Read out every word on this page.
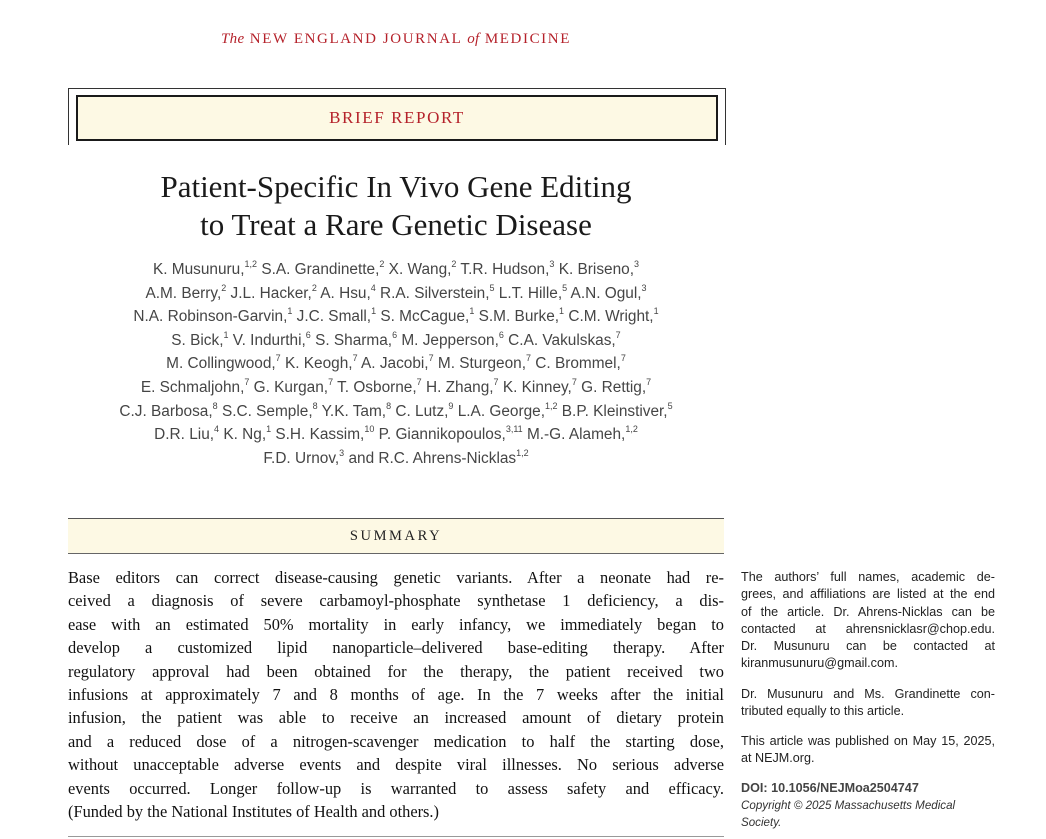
The NEW ENGLAND JOURNAL of MEDICINE
BRIEF REPORT
Patient-Specific In Vivo Gene Editing
to Treat a Rare Genetic Disease
K. Musunuru,$^{1,2}$ S.A. Grandinette,$^2$ X. Wang,$^2$ T.R. Hudson,$^3$ K. Briseno,$^3$
A.M. Berry,$^2$ J.L. Hacker,$^2$ A. Hsu,$^4$ R.A. Silverstein,$^5$ L.T. Hille,$^5$ A.N. Ogul,$^3$
N.A. Robinson-Garvin,$^1$ J.C. Small,$^1$ S. McCague,$^1$ S.M. Burke,$^1$ C.M. Wright,$^1$
S. Bick,$^1$ V. Indurthi,$^6$ S. Sharma,$^6$ M. Jepperson,$^6$ C.A. Vakulskas,$^7$
M. Collingwood,$^7$ K. Keogh,$^7$ A. Jacobi,$^7$ M. Sturgeon,$^7$ C. Brommel,$^7$
E. Schmaljohn,$^7$ G. Kurgan,$^7$ T. Osborne,$^7$ H. Zhang,$^7$ K. Kinney,$^7$ G. Rettig,$^7$
C.J. Barbosa,$^8$ S.C. Semple,$^8$ Y.K. Tam,$^8$ C. Lutz,$^9$ L.A. George,$^{1,2}$ B.P. Kleinstiver,$^5$
D.R. Liu,$^4$ K. Ng,$^1$ S.H. Kassim,$^{10}$ P. Giannikopoulos,$^{3,11}$ M.-G. Alameh,$^{1,2}$
F.D. Urnov,$^3$ and R.C. Ahrens-Nicklas$^{1,2}$
SUMMARY
Base editors can correct disease-causing genetic variants. After a neonate had re-
ceived a diagnosis of severe carbamoyl-phosphate synthetase 1 deficiency, a dis-
ease with an estimated 50% mortality in early infancy, we immediately began to
develop a customized lipid nanoparticle–delivered base-editing therapy. After
regulatory approval had been obtained for the therapy, the patient received two
infusions at approximately 7 and 8 months of age. In the 7 weeks after the initial
infusion, the patient was able to receive an increased amount of dietary protein
and a reduced dose of a nitrogen-scavenger medication to half the starting dose,
without unacceptable adverse events and despite viral illnesses. No serious adverse
events occurred. Longer follow-up is warranted to assess safety and efficacy.
(Funded by the National Institutes of Health and others.)
The authors’ full names, academic de-
grees, and affiliations are listed at the end
of the article. Dr. Ahrens-Nicklas can be
contacted at ahrensnicklasr@chop.edu.
Dr. Musunuru can be contacted at
kiranmusunuru@gmail.com.
Dr. Musunuru and Ms. Grandinette con-
tributed equally to this article.
This article was published on May 15, 2025,
at NEJM.org.
DOI: 10.1056/NEJMoa2504747
Copyright © 2025 Massachusetts Medical Society.
